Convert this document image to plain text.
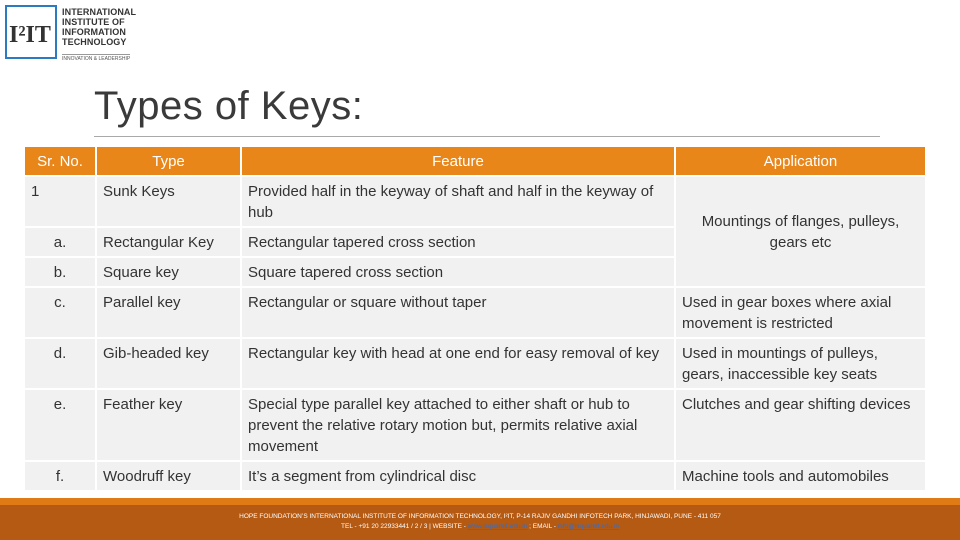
I²IT
INTERNATIONAL
INSTITUTE OF
INFORMATION
TECHNOLOGY
INNOVATION & LEADERSHIP
Types of Keys:
Sr. No.	Type	Feature	Application
1	Sunk Keys	Provided half in the keyway of shaft and half in the keyway of hub	Mountings of flanges, pulleys, gears etc
a.	Rectangular Key	Rectangular tapered cross section	
b.	Square key	Square tapered cross section	
c.	Parallel key	Rectangular or square without taper	Used in gear boxes where axial movement is restricted
d.	Gib-headed key	Rectangular key with head at one end for easy removal of key	Used in mountings of pulleys, gears, inaccessible key seats
e.	Feather key	Special type parallel key attached to either shaft or hub to prevent the relative rotary motion but, permits relative axial movement	Clutches and gear shifting devices
f.	Woodruff key	It’s a segment from cylindrical disc	Machine tools and automobiles
HOPE FOUNDATION’S INTERNATIONAL INSTITUTE OF INFORMATION TECHNOLOGY, I²IT, P-14 RAJIV GANDHI INFOTECH PARK, HINJAWADI, PUNE - 411 057
TEL - +91 20 22933441 / 2 / 3 | WEBSITE - www.isquareit.edu.in ; EMAIL - info@isquareit.edu.in
